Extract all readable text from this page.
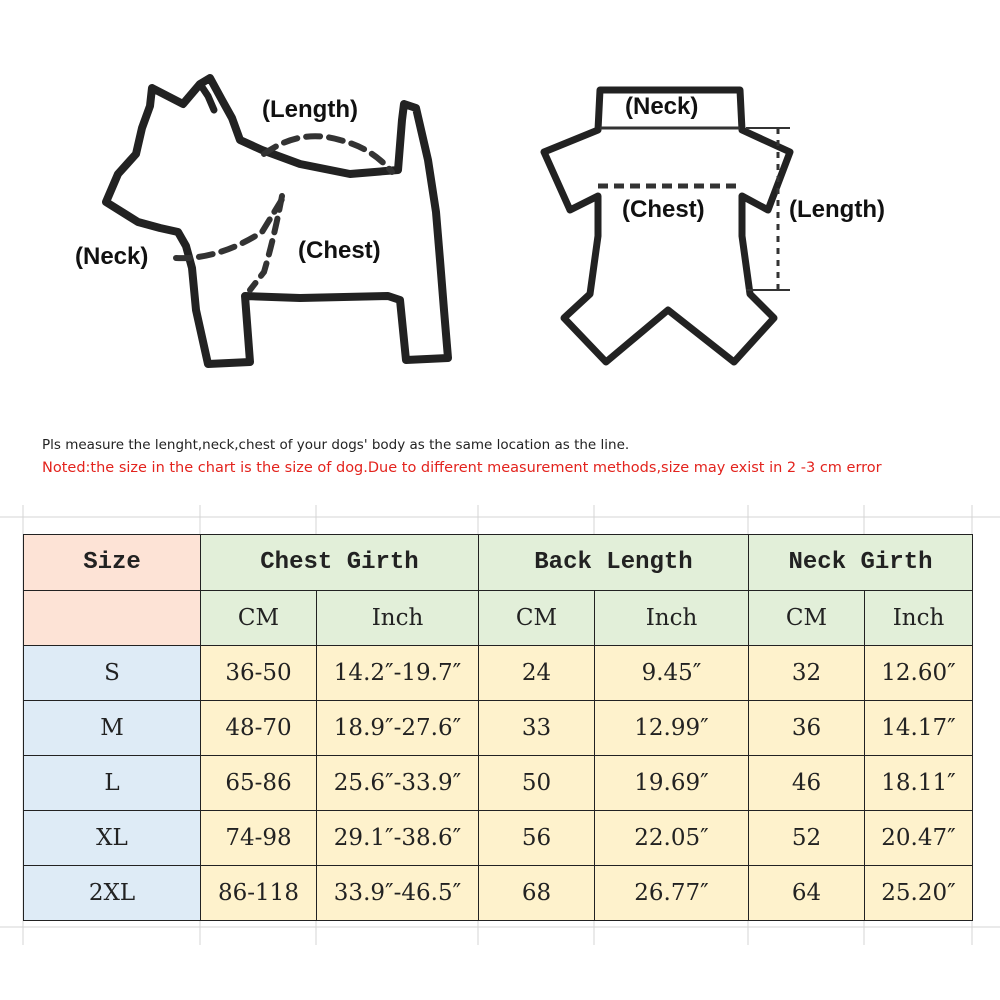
(Length)
(Neck)	(Chest)
(Neck)
(Chest)	(Length)
Pls measure the lenght,neck,chest of your dogs' body as the same location as the line.
Noted:the size in the chart is the size of dog.Due to different measurement methods,size may exist in 2 -3 cm error
Size	Chest Girth		Back Length		Neck Girth	
	CM	Inch	CM	Inch	CM	Inch
S	36-50	14.2″-19.7″	24	9.45″	32	12.60″
M	48-70	18.9″-27.6″	33	12.99″	36	14.17″
L	65-86	25.6″-33.9″	50	19.69″	46	18.11″
XL	74-98	29.1″-38.6″	56	22.05″	52	20.47″
2XL	86-118	33.9″-46.5″	68	26.77″	64	25.20″
